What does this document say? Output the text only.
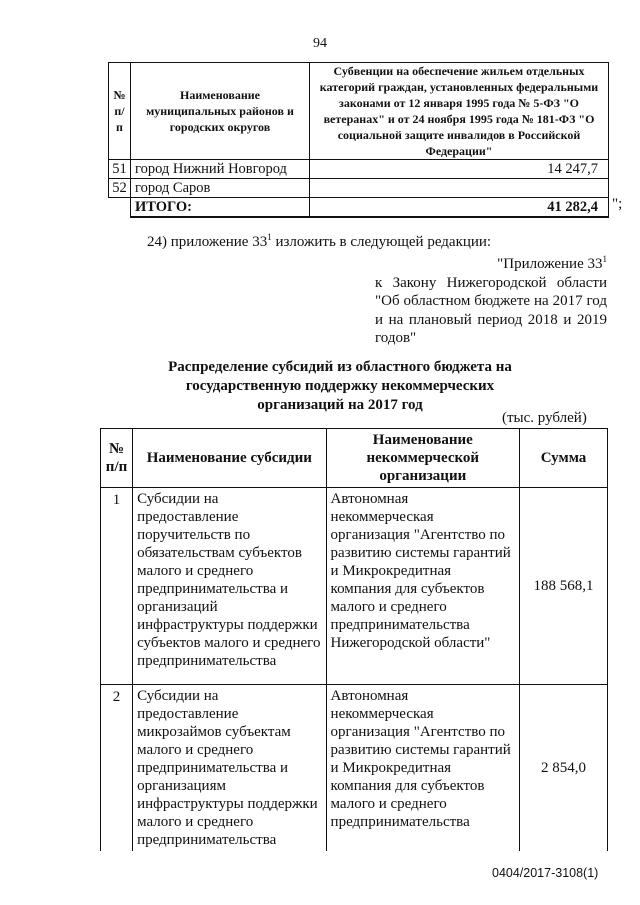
94
№ п/п	Наименование муниципальных районов и городских округов	Субвенции на обеспечение жильем отдельных категорий граждан, установленных федеральными законами от 12 января 1995 года № 5-ФЗ "О ветеранах" и от 24 ноября 1995 года № 181-ФЗ "О социальной защите инвалидов в Российской Федерации"
51	город Нижний Новгород	14 247,7
52	город Саров	
	ИТОГО:	41 282,4 ";
24) приложение $33^1$ изложить в следующей редакции:
"Приложение $33^1$
к Закону Нижегородской области "Об областном бюджете на 2017 год и на плановый период 2018 и 2019 годов"
Распределение субсидий из областного бюджета на государственную поддержку некоммерческих организаций на 2017 год
(тыс. рублей)
№ п/п	Наименование субсидии	Наименование некоммерческой организации	Сумма
1	Субсидии на предоставление поручительств по обязательствам субъектов малого и среднего предпринимательства и организаций инфраструктуры поддержки субъектов малого и среднего предпринимательства	Автономная некоммерческая организация "Агентство по развитию системы гарантий и Микрокредитная компания для субъектов малого и среднего предпринимательства Нижегородской области"	188 568,1
2	Субсидии на предоставление микрозаймов субъектам малого и среднего предпринимательства и организациям инфраструктуры поддержки малого и среднего предпринимательства	Автономная некоммерческая организация "Агентство по развитию системы гарантий и Микрокредитная компания для субъектов малого и среднего предпринимательства	2 854,0
0404/2017-3108(1)
